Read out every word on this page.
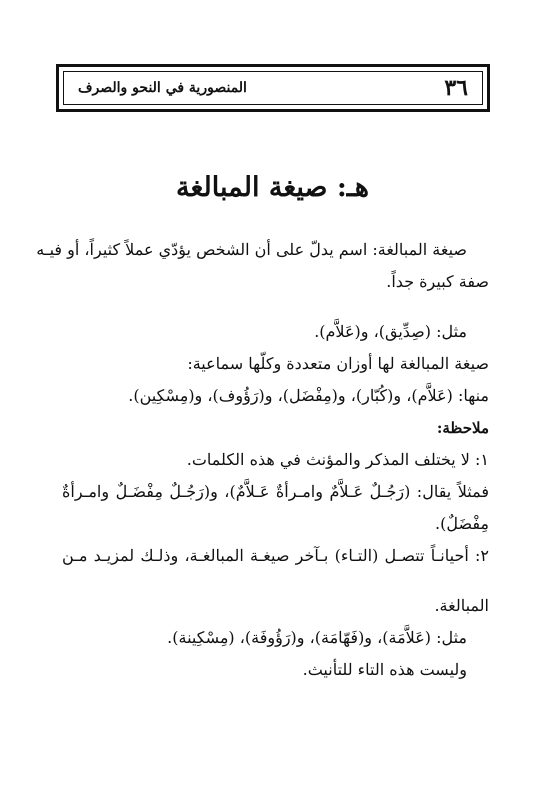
٣٦
المنصورية في النحو والصرف
هـ: صيغة المبالغة
صيغة المبالغة: اسم يدلّ على أن الشخص يؤدّي عملاً كثيراً، أو فيـه
صفة كبيرة جداً.
مثل: (صِدِّيق)، و(عَلاَّم).
صيغة المبالغة لها أوزان متعددة وكلّها سماعية:
منها: (عَلاَّم)، و(كُبّار)، و(مِفْضَل)، و(رَؤُوف)، و(مِسْكِين).
ملاحظة:
١: لا يختلف المذكر والمؤنث في هذه الكلمات.
فمثلاً يقال: (رَجُـلٌ عَـلاَّمٌ وامـرأةٌ عَـلاَّمٌ)، و(رَجُـلٌ مِفْضَـلٌ وامـرأةٌ
مِفْضَلٌ).
٢: أحيانـاً تتصـل (التـاء) بـآخر صيغـة المبالغـة، وذلـك لمزيـد مـن
المبالغة.
مثل: (عَلاَّمَة)، و(فَهّامَة)، و(رَؤُوفَة)، (مِسْكِينة).
وليست هذه التاء للتأنيث.
